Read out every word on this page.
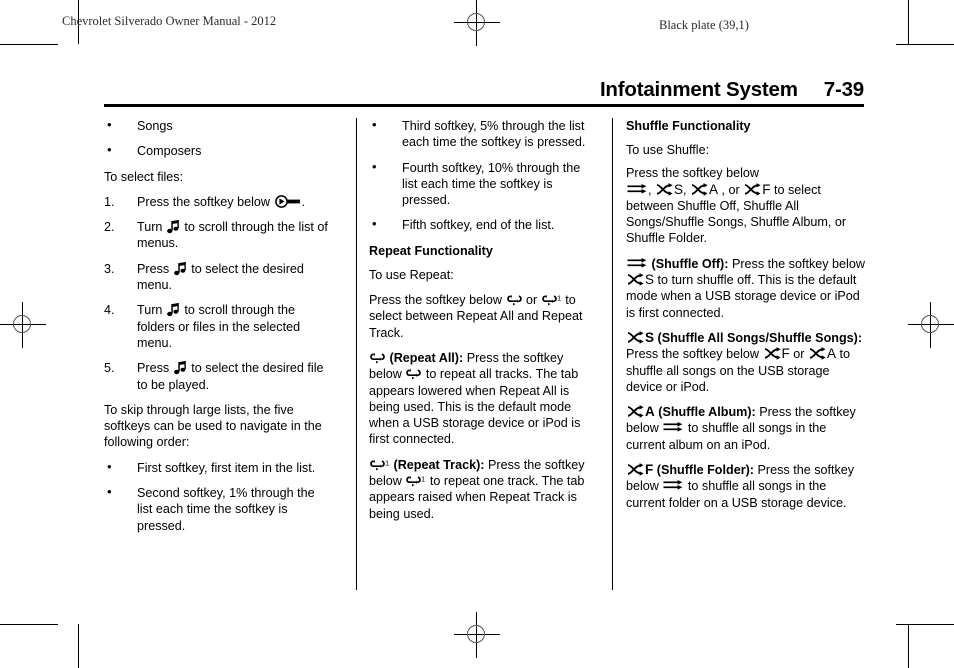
Chevrolet Silverado Owner Manual - 2012	Black plate (39,1)
Infotainment System 7-39
• Songs
• Composers

To select files:

1. Press the softkey below
.
2. Turn
to scroll through the list of menus.
3. Press
to select the desired menu.
4. Turn
to scroll through the folders or files in the selected menu.
5. Press
to select the desired file to be played.

To skip through large lists, the five softkeys can be used to navigate in the following order:

• First softkey, first item in the list.
• Second softkey, 1% through the list each time the softkey is pressed.
• Third softkey, 5% through the list each time the softkey is pressed.
• Fourth softkey, 10% through the list each time the softkey is pressed.
• Fifth softkey, end of the list.
Repeat Functionality

To use Repeat:

Press the softkey below
or 1 to select between Repeat All and Repeat Track.

(Repeat All): Press the softkey below
to repeat all tracks. The tab appears lowered when Repeat All is being used. This is the default mode when a USB storage device or iPod is first connected.

1 (Repeat Track): Press the softkey below 1 to repeat one track. The tab appears raised when Repeat Track is being used.

Shuffle Functionality

To use Shuffle:

Press the softkey below

,
S,
A , or
F to select between Shuffle Off, Shuffle All Songs/Shuffle Songs, Shuffle Album, or Shuffle Folder.

(Shuffle Off): Press the softkey below
S to turn shuffle off. This is the default mode when a USB storage device or iPod is first connected.

S (Shuffle All Songs/Shuffle Songs): Press the softkey below
F or
A to shuffle all songs on the USB storage device or iPod.

A (Shuffle Album): Press the softkey below
to shuffle all songs in the current album on an iPod.

F (Shuffle Folder): Press the softkey below
to shuffle all songs in the current folder on a USB storage device.
